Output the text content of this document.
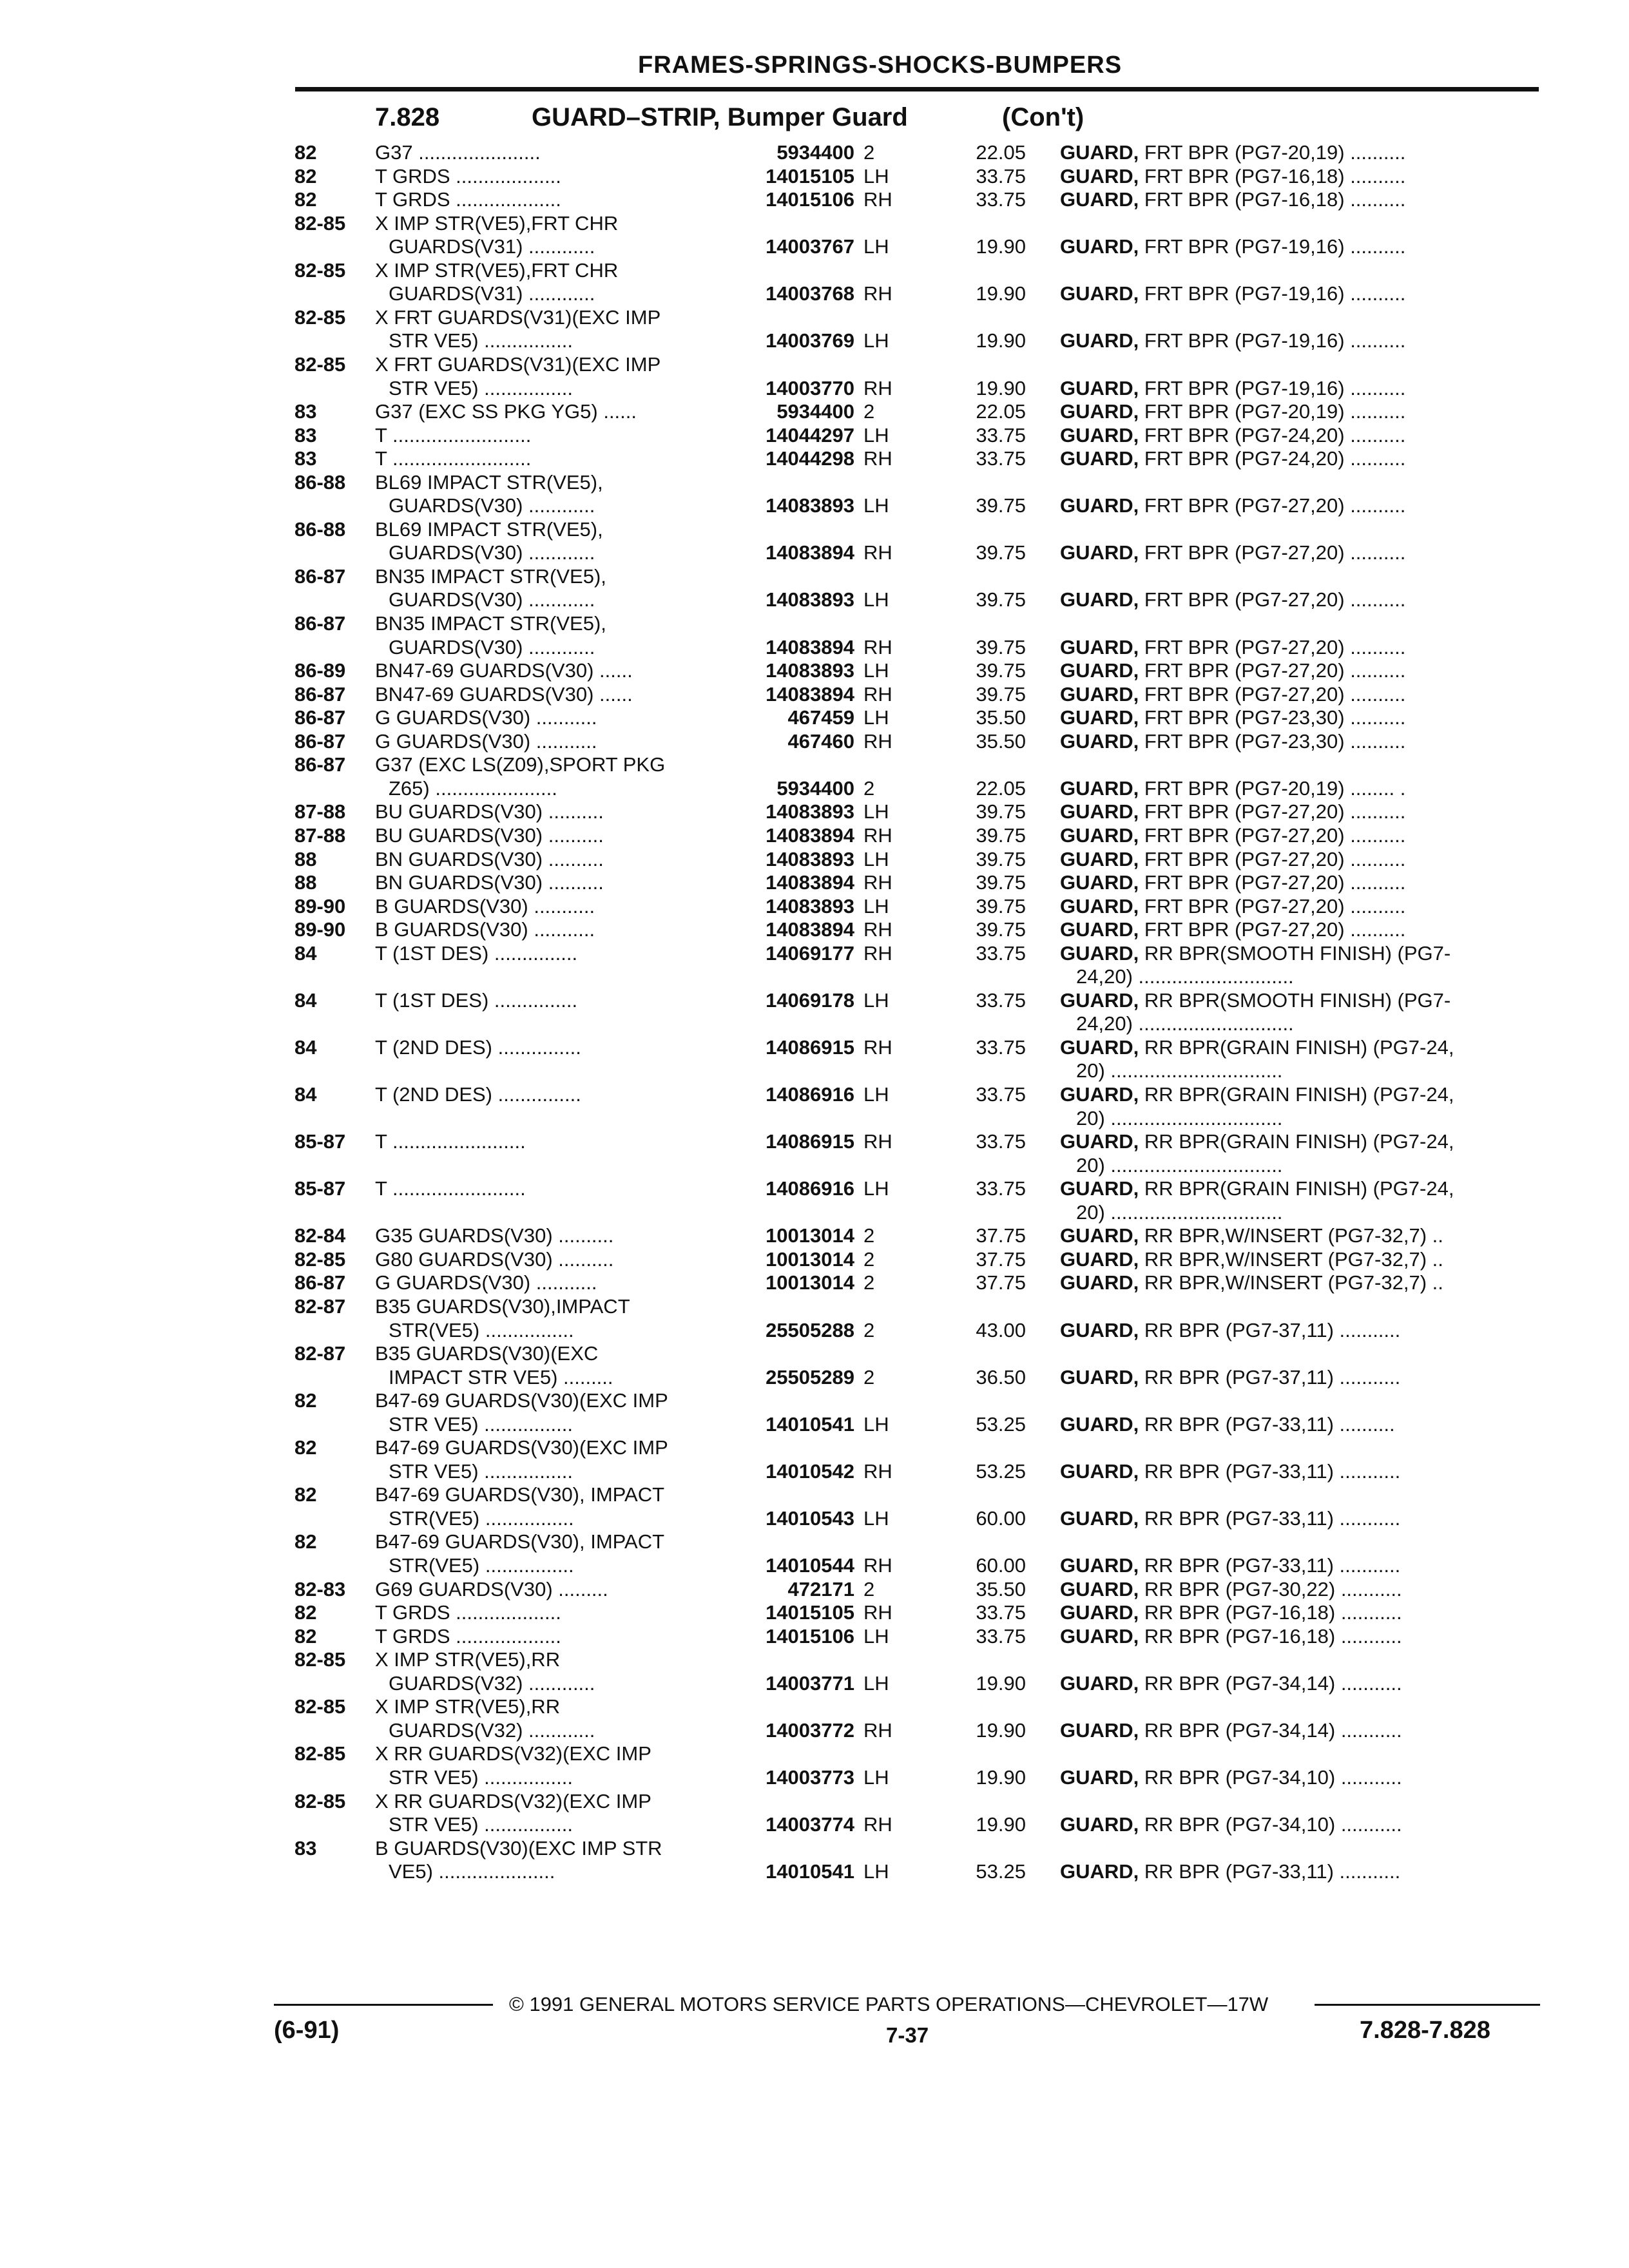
FRAMES-SPRINGS-SHOCKS-BUMPERS
7.828	GUARD–STRIP, Bumper Guard	(Con't)
82	G37 ......................	5934400 2	22.05 GUARD, FRT BPR (PG7-20,19) ..........
82	T GRDS ...................	14015105 LH	33.75 GUARD, FRT BPR (PG7-16,18) ..........
82	T GRDS ...................	14015106 RH	33.75 GUARD, FRT BPR (PG7-16,18) ..........
82-85 X IMP STR(VE5),FRT CHR
GUARDS(V31) ............	14003767 LH	19.90 GUARD, FRT BPR (PG7-19,16) ..........
82-85 X IMP STR(VE5),FRT CHR
GUARDS(V31) ............	14003768 RH	19.90 GUARD, FRT BPR (PG7-19,16) ..........
82-85 X FRT GUARDS(V31)(EXC IMP
STR VE5) ................	14003769 LH	19.90 GUARD, FRT BPR (PG7-19,16) ..........
82-85 X FRT GUARDS(V31)(EXC IMP
STR VE5) ................	14003770 RH	19.90 GUARD, FRT BPR (PG7-19,16) ..........
83	G37 (EXC SS PKG YG5) ......	5934400 2	22.05 GUARD, FRT BPR (PG7-20,19) ..........
83	T .........................	14044297 LH	33.75 GUARD, FRT BPR (PG7-24,20) ..........
83	T .........................	14044298 RH	33.75 GUARD, FRT BPR (PG7-24,20) ..........
86-88 BL69 IMPACT STR(VE5),
GUARDS(V30) ............	14083893 LH	39.75 GUARD, FRT BPR (PG7-27,20) ..........
86-88 BL69 IMPACT STR(VE5),
GUARDS(V30) ............	14083894 RH	39.75 GUARD, FRT BPR (PG7-27,20) ..........
86-87 BN35 IMPACT STR(VE5),
GUARDS(V30) ............	14083893 LH	39.75 GUARD, FRT BPR (PG7-27,20) ..........
86-87 BN35 IMPACT STR(VE5),
GUARDS(V30) ............	14083894 RH	39.75 GUARD, FRT BPR (PG7-27,20) ..........
86-89 BN47-69 GUARDS(V30) ......	14083893 LH	39.75 GUARD, FRT BPR (PG7-27,20) ..........
86-87 BN47-69 GUARDS(V30) ......	14083894 RH	39.75 GUARD, FRT BPR (PG7-27,20) ..........
86-87 G GUARDS(V30) ...........	467459 LH	35.50 GUARD, FRT BPR (PG7-23,30) ..........
86-87 G GUARDS(V30) ...........	467460 RH	35.50 GUARD, FRT BPR (PG7-23,30) ..........
86-87 G37 (EXC LS(Z09),SPORT PKG
Z65) ......................	5934400 2	22.05 GUARD, FRT BPR (PG7-20,19) ........ .
87-88 BU GUARDS(V30) ..........	14083893 LH	39.75 GUARD, FRT BPR (PG7-27,20) ..........
87-88 BU GUARDS(V30) ..........	14083894 RH	39.75 GUARD, FRT BPR (PG7-27,20) ..........
88	BN GUARDS(V30) ..........	14083893 LH	39.75 GUARD, FRT BPR (PG7-27,20) ..........
88	BN GUARDS(V30) ..........	14083894 RH	39.75 GUARD, FRT BPR (PG7-27,20) ..........
89-90 B GUARDS(V30) ...........	14083893 LH	39.75 GUARD, FRT BPR (PG7-27,20) ..........
89-90 B GUARDS(V30) ...........	14083894 RH	39.75 GUARD, FRT BPR (PG7-27,20) ..........
84	T (1ST DES) ...............	14069177 RH	33.75 GUARD, RR BPR(SMOOTH FINISH) (PG7-
24,20) ............................
84	T (1ST DES) ...............	14069178 LH	33.75 GUARD, RR BPR(SMOOTH FINISH) (PG7-
24,20) ............................
84	T (2ND DES) ...............	14086915 RH	33.75 GUARD, RR BPR(GRAIN FINISH) (PG7-24,
20) ...............................
84	T (2ND DES) ...............	14086916 LH	33.75 GUARD, RR BPR(GRAIN FINISH) (PG7-24,
20) ...............................
85-87 T ........................	14086915 RH	33.75 GUARD, RR BPR(GRAIN FINISH) (PG7-24,
20) ...............................
85-87 T ........................	14086916 LH	33.75 GUARD, RR BPR(GRAIN FINISH) (PG7-24,
20) ...............................
82-84 G35 GUARDS(V30) ..........	10013014 2	37.75 GUARD, RR BPR,W/INSERT (PG7-32,7) ..
82-85 G80 GUARDS(V30) ..........	10013014 2	37.75 GUARD, RR BPR,W/INSERT (PG7-32,7) ..
86-87 G GUARDS(V30) ...........	10013014 2	37.75 GUARD, RR BPR,W/INSERT (PG7-32,7) ..
82-87 B35 GUARDS(V30),IMPACT
STR(VE5) ................	25505288 2	43.00 GUARD, RR BPR (PG7-37,11) ...........
82-87 B35 GUARDS(V30)(EXC
IMPACT STR VE5) .........	25505289 2	36.50 GUARD, RR BPR (PG7-37,11) ...........
82	B47-69 GUARDS(V30)(EXC IMP
STR VE5) ................	14010541 LH	53.25 GUARD, RR BPR (PG7-33,11) ..........
82	B47-69 GUARDS(V30)(EXC IMP
STR VE5) ................	14010542 RH	53.25 GUARD, RR BPR (PG7-33,11) ...........
82	B47-69 GUARDS(V30), IMPACT
STR(VE5) ................	14010543 LH	60.00 GUARD, RR BPR (PG7-33,11) ...........
82	B47-69 GUARDS(V30), IMPACT
STR(VE5) ................	14010544 RH	60.00 GUARD, RR BPR (PG7-33,11) ...........
82-83 G69 GUARDS(V30) .........	472171 2	35.50 GUARD, RR BPR (PG7-30,22) ...........
82	T GRDS ...................	14015105 RH	33.75 GUARD, RR BPR (PG7-16,18) ...........
82	T GRDS ...................	14015106 LH	33.75 GUARD, RR BPR (PG7-16,18) ...........
82-85 X IMP STR(VE5),RR
GUARDS(V32) ............	14003771 LH	19.90 GUARD, RR BPR (PG7-34,14) ...........
82-85 X IMP STR(VE5),RR
GUARDS(V32) ............	14003772 RH	19.90 GUARD, RR BPR (PG7-34,14) ...........
82-85 X RR GUARDS(V32)(EXC IMP
STR VE5) ................	14003773 LH	19.90 GUARD, RR BPR (PG7-34,10) ...........
82-85 X RR GUARDS(V32)(EXC IMP
STR VE5) ................	14003774 RH	19.90 GUARD, RR BPR (PG7-34,10) ...........
83	B GUARDS(V30)(EXC IMP STR
VE5) .....................	14010541 LH	53.25 GUARD, RR BPR (PG7-33,11) ...........
© 1991 GENERAL MOTORS SERVICE PARTS OPERATIONS—CHEVROLET—17W
(6-91)	7-37	7.828-7.828
